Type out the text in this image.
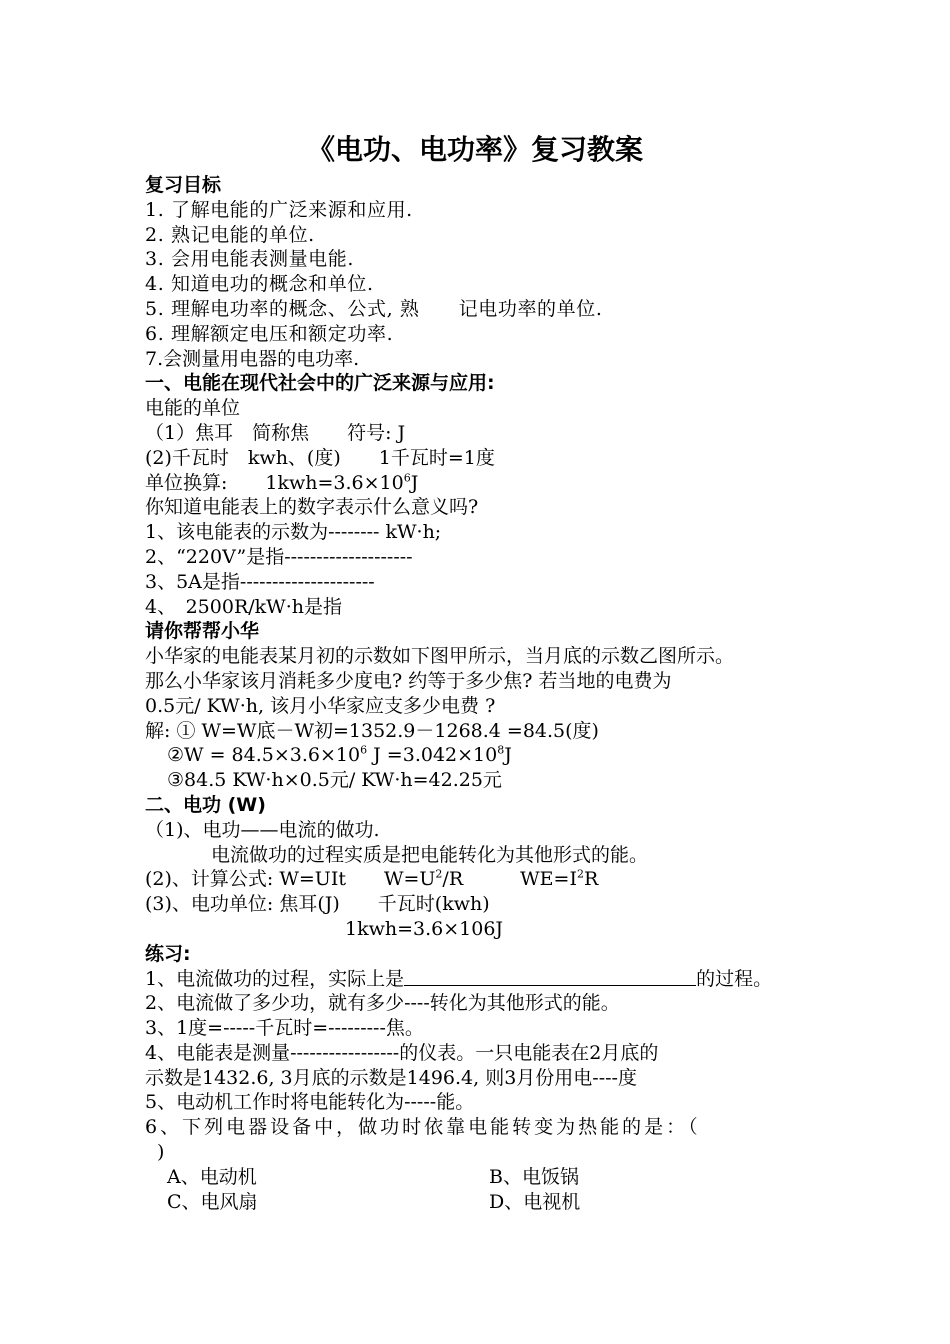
《电功、电功率》复习教案

复习目标

1. 了解电能的广泛来源和应用.

2. 熟记电能的单位.

3. 会用电能表测量电能.

4. 知道电功的概念和单位.

5. 理解电功率的概念、公式, 熟　　记电功率的单位.

6. 理解额定电压和额定功率.

7.会测量用电器的电功率.

一、电能在现代社会中的广泛来源与应用:

电能的单位

（1）焦耳　简称焦　　符号: J

(2)千瓦时　kwh、(度)　　1千瓦时=1度

单位换算:　　$1kwh=3.6\times 10^6J$

你知道电能表上的数字表示什么意义吗?

1、该电能表的示数为-------- kW·h;

2、“220V”是指--------------------

3、5A是指---------------------

4、　2500R/kW·h是指

请你帮帮小华

小华家的电能表某月初的示数如下图甲所示，当月底的示数乙图所示。

那么小华家该月消耗多少度电? 约等于多少焦? 若当地的电费为

0.5元/ KW·h, 该月小华家应支多少电费 ?

解: ① W=W底－W初=1352.9－1268.4 =84.5(度)

②W = $84.5\times 3.6\times 10^6$ $J =3.042\times 10^8J$

③84.5 KW·h×0.5元/ KW·h=42.25元

二、电功 (W)

（1)、电功——电流的做功.

电流做功的过程实质是把电能转化为其他形式的能。

(2)、计算公式: W=UIt　　$W=U^2/R$　　　$WE=I^2R$

(3)、电功单位: 焦耳(J)　　千瓦时(kwh)

1kwh=3.6×106J

练习:

1、电流做功的过程，实际上是	的过程。

2、电流做了多少功，就有多少----转化为其他形式的能。

3、1度=-----千瓦时=---------焦。

4、电能表是测量-----------------的仪表。一只电能表在2月底的

示数是1432.6, 3月底的示数是1496.4, 则3月份用电----度

5、电动机工作时将电能转化为-----能。

6、下列电器设备中，做功时依靠电能转变为热能的是：（

)

A、电动机	B、电饭锅
C、电风扇	D、电视机
